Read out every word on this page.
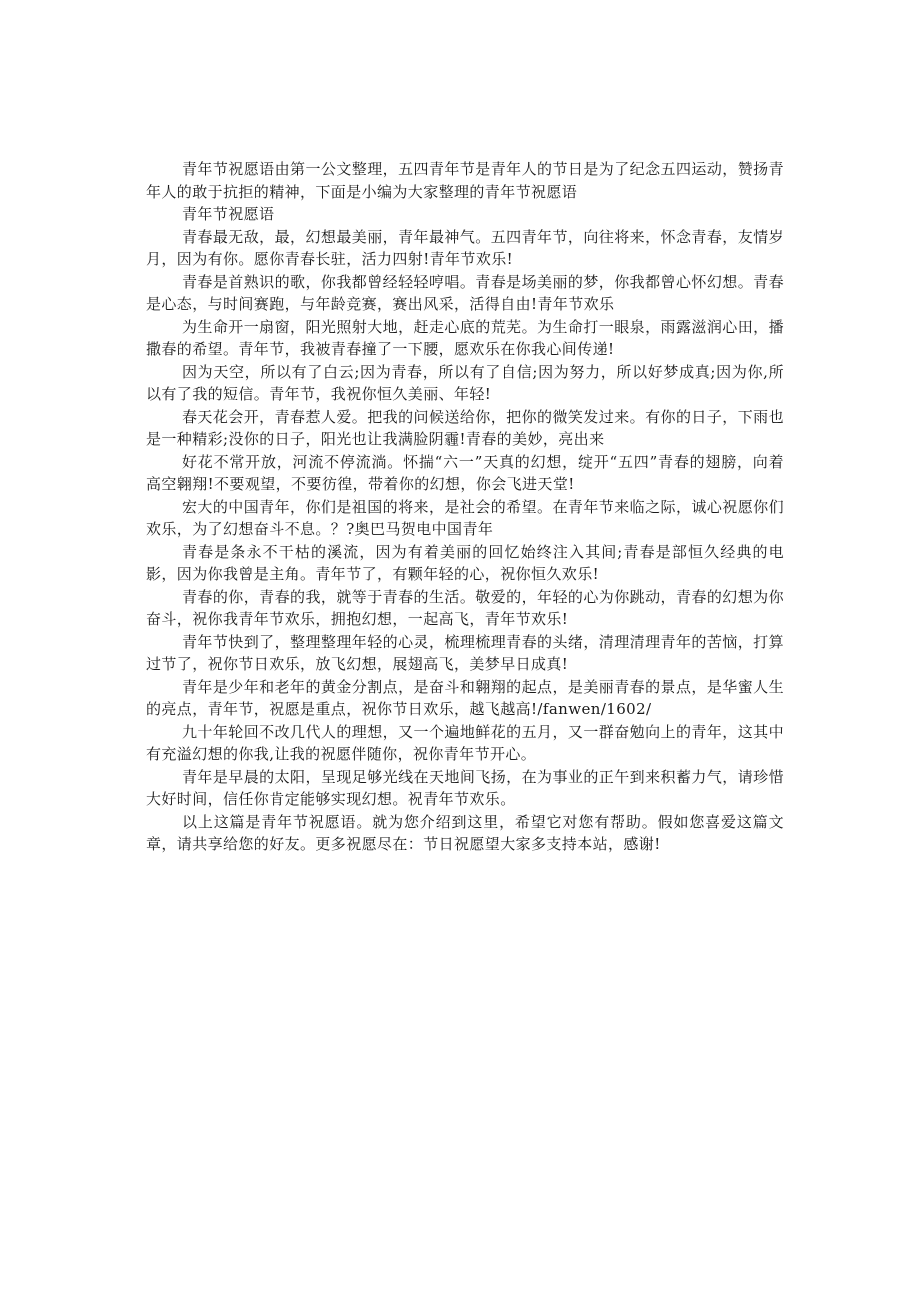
青年节祝愿语由第一公文整理，五四青年节是青年人的节日是为了纪念五四运动，赞扬青年人的敢于抗拒的精神，下面是小编为大家整理的青年节祝愿语

青年节祝愿语

青春最无敌，最，幻想最美丽，青年最神气。五四青年节，向往将来，怀念青春，友情岁月，因为有你。愿你青春长驻，活力四射!青年节欢乐!

青春是首熟识的歌，你我都曾经轻轻哼唱。青春是场美丽的梦，你我都曾心怀幻想。青春是心态，与时间赛跑，与年龄竞赛，赛出风采，活得自由!青年节欢乐

为生命开一扇窗，阳光照射大地，赶走心底的荒芜。为生命打一眼泉，雨露滋润心田，播撒春的希望。青年节，我被青春撞了一下腰，愿欢乐在你我心间传递!

因为天空，所以有了白云;因为青春，所以有了自信;因为努力，所以好梦成真;因为你,所以有了我的短信。青年节，我祝你恒久美丽、年轻!

春天花会开，青春惹人爱。把我的问候送给你，把你的微笑发过来。有你的日子，下雨也是一种精彩;没你的日子，阳光也让我满脸阴霾!青春的美妙，亮出来

好花不常开放，河流不停流淌。怀揣“六一”天真的幻想，绽开“五四”青春的翅膀，向着高空翱翔!不要观望，不要彷徨，带着你的幻想，你会飞进天堂!

宏大的中国青年，你们是祖国的将来，是社会的希望。在青年节来临之际，诚心祝愿你们欢乐，为了幻想奋斗不息。？?奥巴马贺电中国青年

青春是条永不干枯的溪流，因为有着美丽的回忆始终注入其间;青春是部恒久经典的电影，因为你我曾是主角。青年节了，有颗年轻的心，祝你恒久欢乐!

青春的你，青春的我，就等于青春的生活。敬爱的，年轻的心为你跳动，青春的幻想为你奋斗，祝你我青年节欢乐，拥抱幻想，一起高飞，青年节欢乐!

青年节快到了，整理整理年轻的心灵，梳理梳理青春的头绪，清理清理青年的苦恼，打算过节了，祝你节日欢乐，放飞幻想，展翅高飞，美梦早日成真!

青年是少年和老年的黄金分割点，是奋斗和翱翔的起点，是美丽青春的景点，是华蜜人生的亮点，青年节，祝愿是重点，祝你节日欢乐，越飞越高!/fanwen/1602/

九十年轮回不改几代人的理想，又一个遍地鲜花的五月，又一群奋勉向上的青年，这其中有充溢幻想的你我,让我的祝愿伴随你，祝你青年节开心。

青年是早晨的太阳，呈现足够光线在天地间飞扬，在为事业的正午到来积蓄力气，请珍惜大好时间，信任你肯定能够实现幻想。祝青年节欢乐。

以上这篇是青年节祝愿语。就为您介绍到这里，希望它对您有帮助。假如您喜爱这篇文章，请共享给您的好友。更多祝愿尽在：节日祝愿望大家多支持本站，感谢!
